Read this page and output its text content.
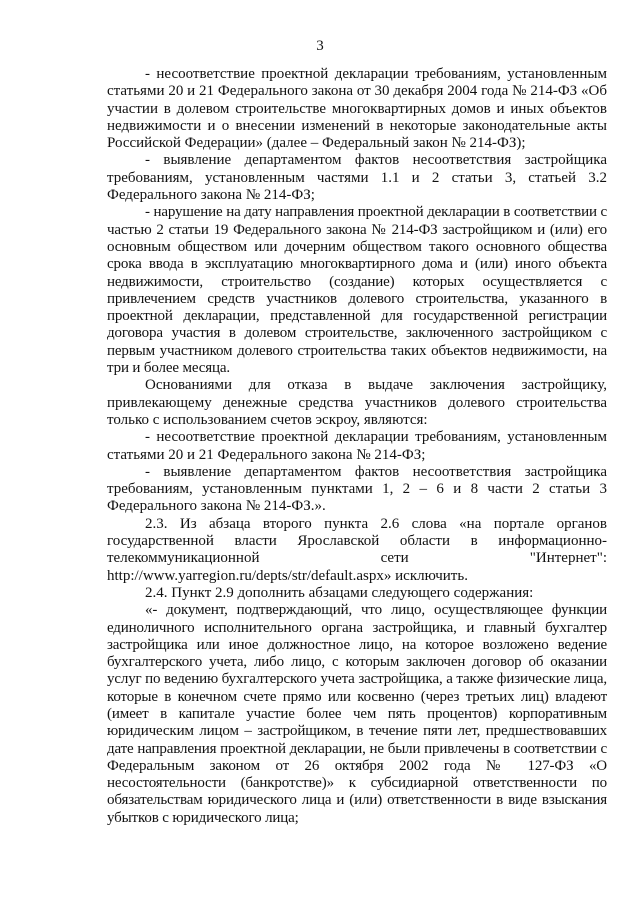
3

- несоответствие проектной декларации требованиям, установленным статьями 20 и 21 Федерального закона от 30 декабря 2004 года № 214-ФЗ «Об участии в долевом строительстве многоквартирных домов и иных объектов недвижимости и о внесении изменений в некоторые законодательные акты Российской Федерации» (далее – Федеральный закон № 214-ФЗ);

- выявление департаментом фактов несоответствия застройщика требованиям, установленным частями 1.1 и 2 статьи 3, статьей 3.2 Федерального закона № 214-ФЗ;

- нарушение на дату направления проектной декларации в соответствии с частью 2 статьи 19 Федерального закона № 214-ФЗ застройщиком и (или) его основным обществом или дочерним обществом такого основного общества срока ввода в эксплуатацию многоквартирного дома и (или) иного объекта недвижимости, строительство (создание) которых осуществляется с привлечением средств участников долевого строительства, указанного в проектной декларации, представленной для государственной регистрации договора участия в долевом строительстве, заключенного застройщиком с первым участником долевого строительства таких объектов недвижимости, на три и более месяца.

Основаниями для отказа в выдаче заключения застройщику, привлекающему денежные средства участников долевого строительства только с использованием счетов эскроу, являются:

- несоответствие проектной декларации требованиям, установленным статьями 20 и 21 Федерального закона № 214-ФЗ;

- выявление департаментом фактов несоответствия застройщика требованиям, установленным пунктами 1, 2 – 6 и 8 части 2 статьи 3 Федерального закона № 214-ФЗ.».

2.3. Из абзаца второго пункта 2.6 слова «на портале органов государственной власти Ярославской области в информационно-телекоммуникационной сети "Интернет": http://www.yarregion.ru/depts/str/default.aspx» исключить.

2.4. Пункт 2.9 дополнить абзацами следующего содержания:

«- документ, подтверждающий, что лицо, осуществляющее функции единоличного исполнительного органа застройщика, и главный бухгалтер застройщика или иное должностное лицо, на которое возложено ведение бухгалтерского учета, либо лицо, с которым заключен договор об оказании услуг по ведению бухгалтерского учета застройщика, а также физические лица, которые в конечном счете прямо или косвенно (через третьих лиц) владеют (имеет в капитале участие более чем пять процентов) корпоративным юридическим лицом – застройщиком, в течение пяти лет, предшествовавших дате направления проектной декларации, не были привлечены в соответствии с Федеральным законом от 26 октября 2002 года № 127-ФЗ «О несостоятельности (банкротстве)» к субсидиарной ответственности по обязательствам юридического лица и (или) ответственности в виде взыскания убытков с юридического лица;
